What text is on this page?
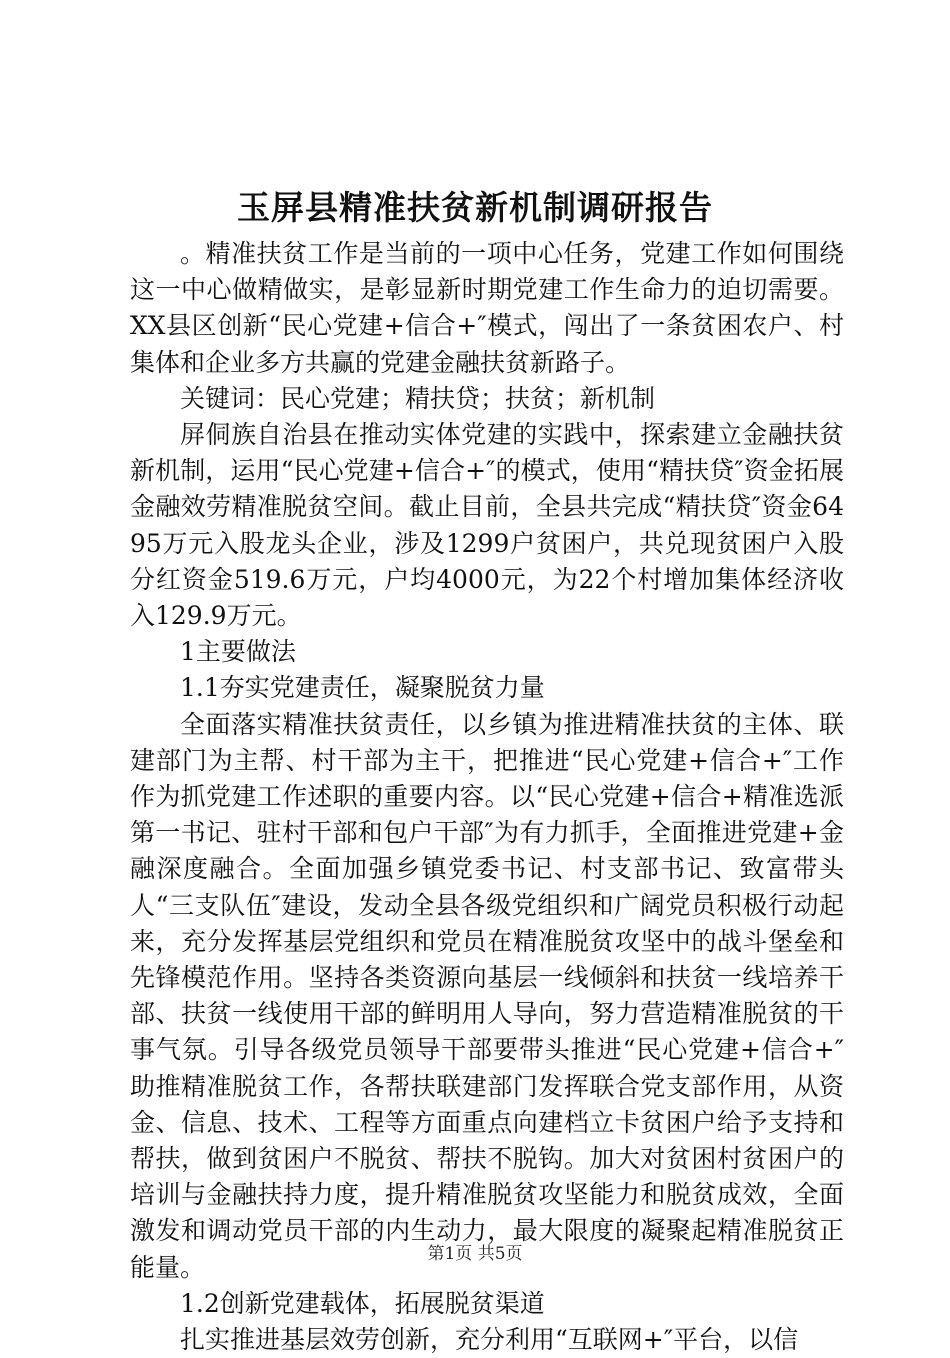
玉屏县精准扶贫新机制调研报告

。精准扶贫工作是当前的一项中心任务，党建工作如何围绕这一中心做精做实，是彰显新时期党建工作生命力的迫切需要。XX县区创新“民心党建+信合+″模式，闯出了一条贫困农户、村集体和企业多方共赢的党建金融扶贫新路子。

关键词：民心党建；精扶贷；扶贫；新机制

屏侗族自治县在推动实体党建的实践中，探索建立金融扶贫新机制，运用“民心党建+信合+″的模式，使用“精扶贷″资金拓展金融效劳精准脱贫空间。截止目前，全县共完成“精扶贷″资金6495万元入股龙头企业，涉及1299户贫困户，共兑现贫困户入股分红资金519.6万元，户均4000元，为22个村增加集体经济收入129.9万元。

1主要做法

1.1夯实党建责任，凝聚脱贫力量

全面落实精准扶贫责任，以乡镇为推进精准扶贫的主体、联建部门为主帮、村干部为主干，把推进“民心党建+信合+″工作作为抓党建工作述职的重要内容。以“民心党建+信合+精准选派第一书记、驻村干部和包户干部″为有力抓手，全面推进党建+金融深度融合。全面加强乡镇党委书记、村支部书记、致富带头人“三支队伍″建设，发动全县各级党组织和广阔党员积极行动起来，充分发挥基层党组织和党员在精准脱贫攻坚中的战斗堡垒和先锋模范作用。坚持各类资源向基层一线倾斜和扶贫一线培养干部、扶贫一线使用干部的鲜明用人导向，努力营造精准脱贫的干事气氛。引导各级党员领导干部要带头推进“民心党建+信合+″助推精准脱贫工作，各帮扶联建部门发挥联合党支部作用，从资金、信息、技术、工程等方面重点向建档立卡贫困户给予支持和帮扶，做到贫困户不脱贫、帮扶不脱钩。加大对贫困村贫困户的培训与金融扶持力度，提升精准脱贫攻坚能力和脱贫成效，全面激发和调动党员干部的内生动力，最大限度的凝聚起精准脱贫正能量。

1.2创新党建载体，拓展脱贫渠道

扎实推进基层效劳创新，充分利用“互联网+″平台，以信

第1页 共5页
